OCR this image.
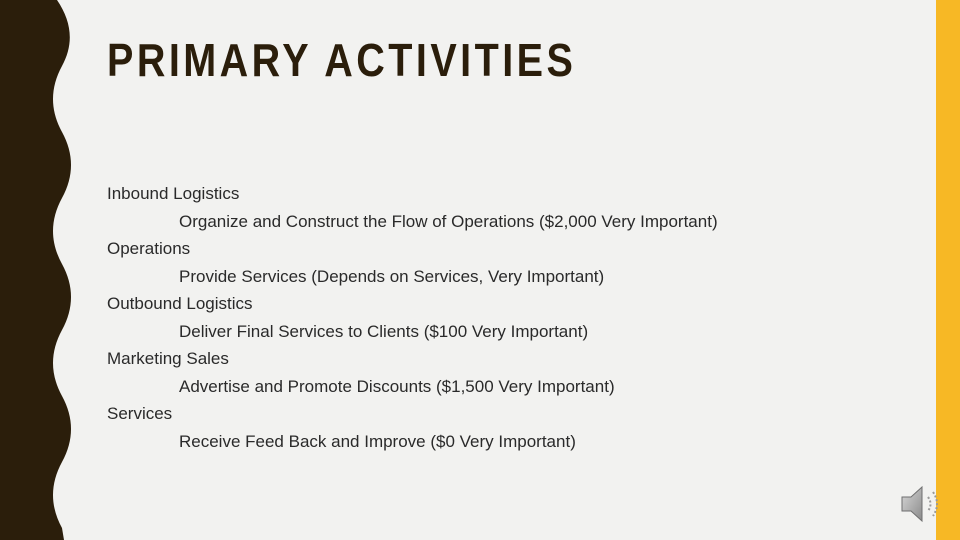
PRIMARY ACTIVITIES
Inbound Logistics
Organize and Construct the Flow of Operations ($2,000 Very Important)
Operations
Provide Services (Depends on Services, Very Important)
Outbound Logistics
Deliver Final Services to Clients ($100 Very Important)
Marketing Sales
Advertise and Promote Discounts ($1,500 Very Important)
Services
Receive Feed Back and Improve ($0 Very Important)
